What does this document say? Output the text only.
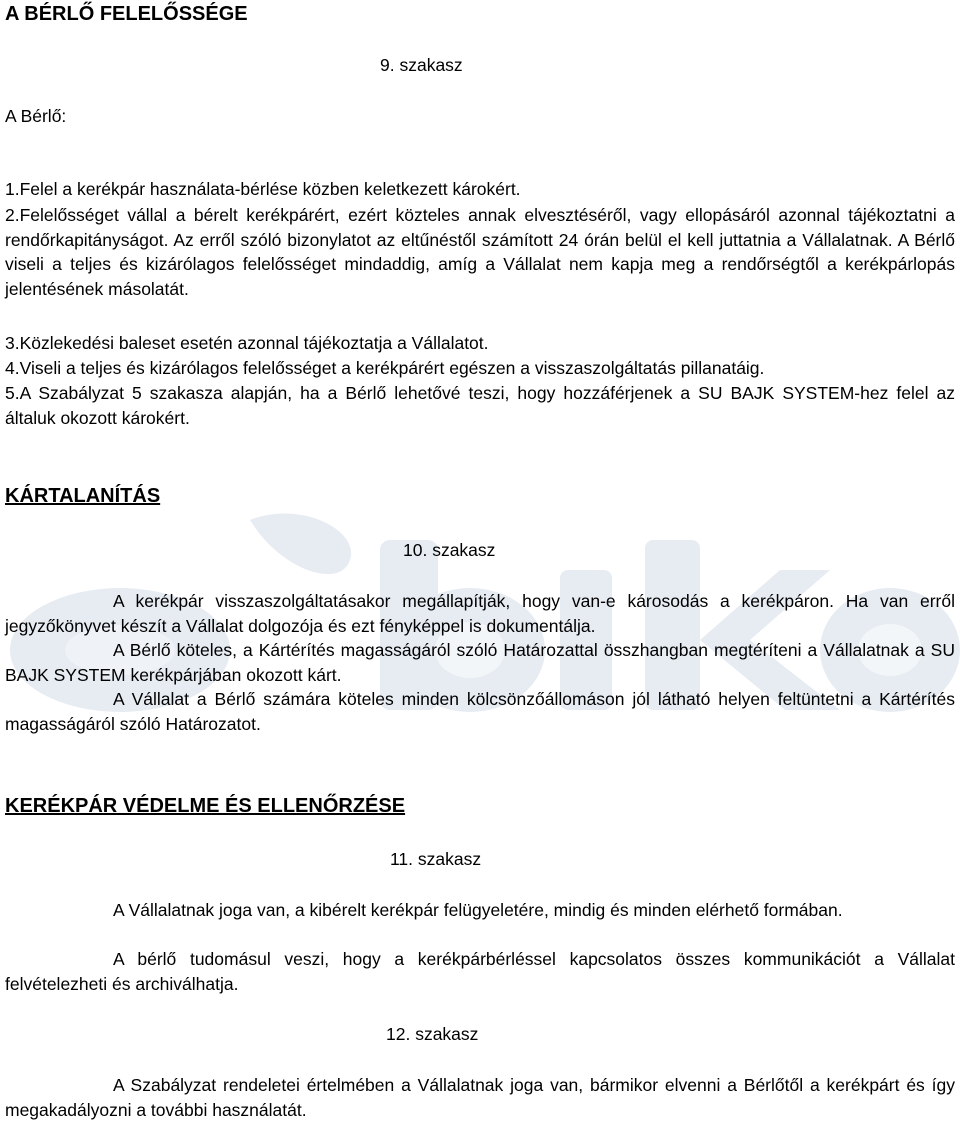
A BÉRLŐ FELELŐSSÉGE

9. szakasz

A Bérlő:

1.Felel a kerékpár használata-bérlése közben keletkezett károkért.

2.Felelősséget vállal a bérelt kerékpárért, ezért közteles annak elvesztéséről, vagy ellopásáról azonnal tájékoztatni a rendőrkapitányságot. Az erről szóló bizonylatot az eltűnéstől számított 24 órán belül el kell juttatnia a Vállalatnak. A Bérlő viseli a teljes és kizárólagos felelősséget mindaddig, amíg a Vállalat nem kapja meg a rendőrségtől a kerékpárlopás jelentésének másolatát.

3.Közlekedési baleset esetén azonnal tájékoztatja a Vállalatot.

4.Viseli a teljes és kizárólagos felelősséget a kerékpárért egészen a visszaszolgáltatás pillanatáig.

5.A Szabályzat 5 szakasza alapján, ha a Bérlő lehetővé teszi, hogy hozzáférjenek a SU BAJK SYSTEM-hez felel az általuk okozott károkért.

KÁRTALANÍTÁS

10. szakasz

A kerékpár visszaszolgáltatásakor megállapítják, hogy van-e károsodás a kerékpáron. Ha van erről jegyzőkönyvet készít a Vállalat dolgozója és ezt fényképpel is dokumentálja.

A Bérlő köteles, a Kártérítés magasságáról szóló Határozattal összhangban megtéríteni a Vállalatnak a SU BAJK SYSTEM kerékpárjában okozott kárt.

A Vállalat a Bérlő számára köteles minden kölcsönzőállomáson jól látható helyen feltüntetni a Kártérítés magasságáról szóló Határozatot.

KERÉKPÁR VÉDELME ÉS ELLENŐRZÉSE

11. szakasz

A Vállalatnak joga van, a kibérelt kerékpár felügyeletére, mindig és minden elérhető formában.

A bérlő tudomásul veszi, hogy a kerékpárbérléssel kapcsolatos összes kommunikációt a Vállalat felvételezheti és archiválhatja.

12. szakasz

A Szabályzat rendeletei értelmében a Vállalatnak joga van, bármikor elvenni a Bérlőtől a kerékpárt és így megakadályozni a további használatát.
